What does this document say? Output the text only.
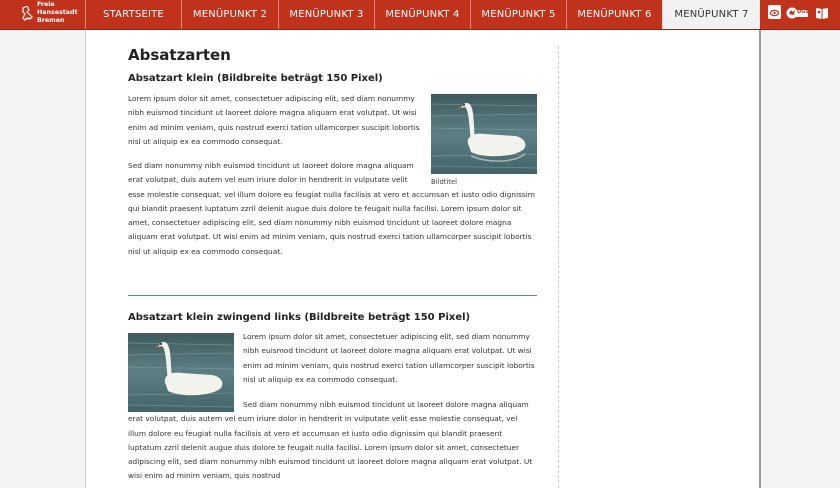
Freie
Hansestadt
Bremen
STARTSEITE	MENÜPUNKT 2 MENÜPUNKT 3 MENÜPUNKT 4 MENÜPUNKT 5 MENÜPUNKT 6 MENÜPUNKT 7	DGS
Absatzarten
Absatzart klein (Bildbreite beträgt 150 Pixel)

Lorem ipsum dolor sit amet, consectetuer adipiscing elit, sed diam nonummy nibh euismod tincidunt ut laoreet dolore magna aliquam erat volutpat. Ut wisi enim ad minim veniam, quis nostrud exerci tation ullamcorper suscipit lobortis nisl ut aliquip ex ea commodo consequat.

Bildtitel

Sed diam nonummy nibh euismod tincidunt ut laoreet dolore magna aliquam erat volutpat, duis autem vel eum iriure dolor in hendrerit in vulputate velit esse molestie consequat, vel illum dolore eu feugiat nulla facilisis at vero et accumsan et iusto odio dignissim qui blandit praesent luptatum zzril delenit augue duis dolore te feugait nulla facilisi. Lorem ipsum dolor sit amet, consectetuer adipiscing elit, sed diam nonummy nibh euismod tincidunt ut laoreet dolore magna aliquam erat volutpat. Ut wisi enim ad minim veniam, quis nostrud exerci tation ullamcorper suscipit lobortis nisl ut aliquip ex ea commodo consequat.

Absatzart klein zwingend links (Bildbreite beträgt 150 Pixel)

Lorem ipsum dolor sit amet, consectetuer adipiscing elit, sed diam nonummy nibh euismod tincidunt ut laoreet dolore magna aliquam erat volutpat. Ut wisi enim ad minim veniam, quis nostrud exerci tation ullamcorper suscipit lobortis nisl ut aliquip ex ea commodo consequat.

Sed diam nonummy nibh euismod tincidunt ut laoreet dolore magna aliquam erat volutpat, duis autem vel eum iriure dolor in hendrerit in vulputate velit esse molestie consequat, vel illum dolore eu feugiat nulla facilisis at vero et accumsan et iusto odio dignissim qui blandit praesent luptatum zzril delenit augue duis dolore te feugait nulla facilisi. Lorem ipsum dolor sit amet, consectetuer adipiscing elit, sed diam nonummy nibh euismod tincidunt ut laoreet dolore magna aliquam erat volutpat. Ut wisi enim ad minim veniam, quis nostrud
